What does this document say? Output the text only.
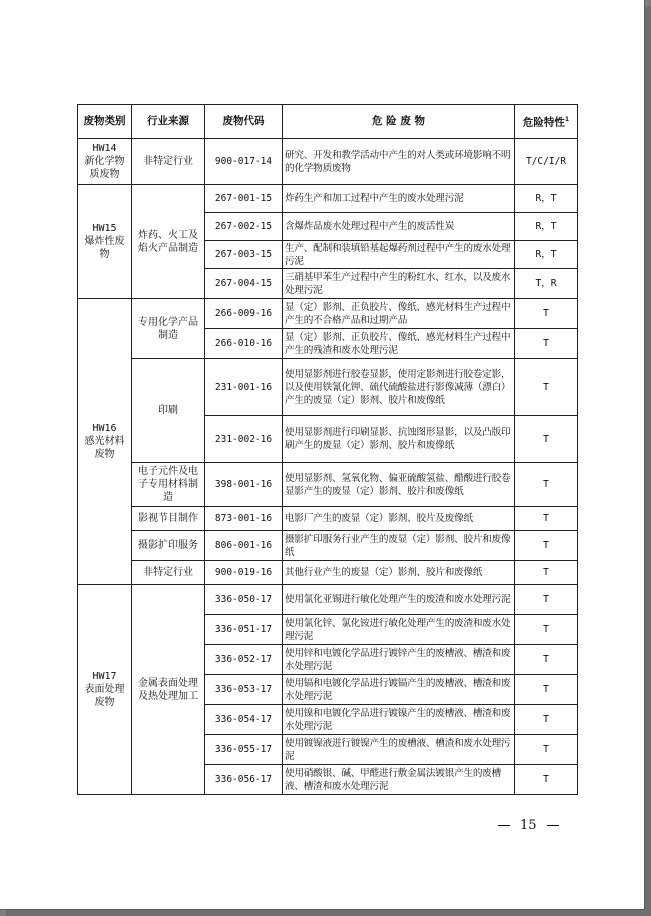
废物类别	行业来源	废物代码	危 险 废 物	危险特性$^1$

HW14
新化学物质废物	非特定行业	900-017-14	研究、开发和教学活动中产生的对人类或环境影响不明的化学物质废物	T/C/I/R

HW15
爆炸性废物	炸药、火工及焰火产品制造	267-001-15	炸药生产和加工过程中产生的废水处理污泥	R，T
		267-002-15	含爆炸品废水处理过程中产生的废活性炭	R，T
		267-003-15	生产、配制和装填铅基起爆药剂过程中产生的废水处理污泥	R，T
		267-004-15	三硝基甲苯生产过程中产生的粉红水、红水，以及废水处理污泥	T，R

HW16
感光材料废物	专用化学产品制造	266-009-16	显（定）影剂、正负胶片、像纸、感光材料生产过程中产生的不合格产品和过期产品	T
		266-010-16	显（定）影剂、正负胶片、像纸、感光材料生产过程中产生的残渣和废水处理污泥	T
	印刷	231-001-16	使用显影剂进行胶卷显影，使用定影剂进行胶卷定影，以及使用铁氰化钾、硫代硫酸盐进行影像减薄（漂白）产生的废显（定）影剂、胶片和废像纸	T
		231-002-16	使用显影剂进行印刷显影、抗蚀图形显影，以及凸版印刷产生的废显（定）影剂、胶片和废像纸	T
	电子元件及电子专用材料制造	398-001-16	使用显影剂、氢氧化物、偏亚硫酸氢盐、醋酸进行胶卷显影产生的废显（定）影剂、胶片和废像纸	T
	影视节目制作	873-001-16	电影厂产生的废显（定）影剂、胶片及废像纸	T
	摄影扩印服务	806-001-16	摄影扩印服务行业产生的废显（定）影剂、胶片和废像纸	T
	非特定行业	900-019-16	其他行业产生的废显（定）影剂、胶片和废像纸	T

HW17
表面处理废物	金属表面处理及热处理加工	336-050-17	使用氯化亚锡进行敏化处理产生的废渣和废水处理污泥	T
		336-051-17	使用氯化锌、氯化铵进行敏化处理产生的废渣和废水处理污泥	T
		336-052-17	使用锌和电镀化学品进行镀锌产生的废槽液、槽渣和废水处理污泥	T
		336-053-17	使用镉和电镀化学品进行镀镉产生的废槽液、槽渣和废水处理污泥	T
		336-054-17	使用镍和电镀化学品进行镀镍产生的废槽液、槽渣和废水处理污泥	T
		336-055-17	使用镀镍液进行镀镍产生的废槽液、槽渣和废水处理污泥	T
		336-056-17	使用硝酸银、碱、甲醛进行敷金属法镀银产生的废槽液、槽渣和废水处理污泥	T
15
